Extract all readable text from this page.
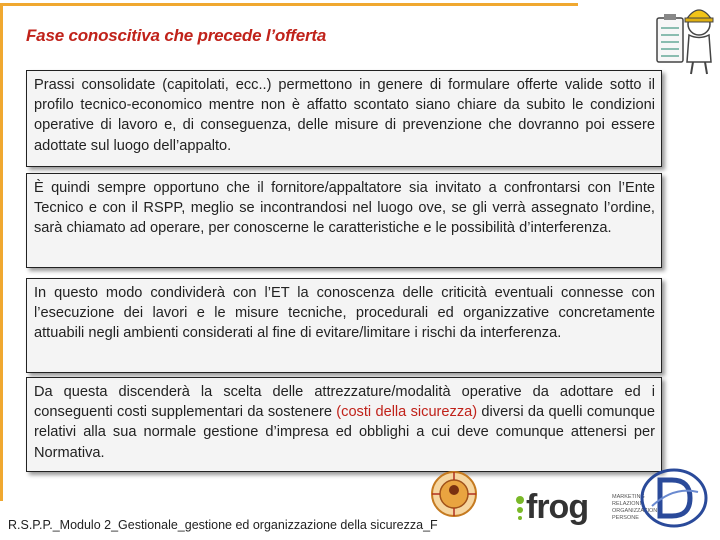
Fase conoscitiva che precede l’offerta
Prassi consolidate (capitolati, ecc..) permettono in genere di formulare offerte valide sotto il profilo tecnico-economico mentre non è affatto scontato siano chiare da subito le condizioni operative di lavoro e, di conseguenza, delle misure di prevenzione che dovranno poi essere adottate sul luogo dell’appalto.
È quindi sempre opportuno che il fornitore/appaltatore sia invitato a confrontarsi con l’Ente Tecnico e con il RSPP, meglio se incontrandosi nel luogo ove, se gli verrà assegnato l’ordine, sarà chiamato ad operare, per conoscerne le caratteristiche e le possibilità d’interferenza.
In questo modo condividerà con l’ET la conoscenza delle criticità eventuali connesse con l’esecuzione dei lavori e le misure tecniche, procedurali ed organizzative concretamente attuabili negli ambienti considerati al fine di evitare/limitare i rischi da interferenza.
Da questa discenderà la scelta delle attrezzature/modalità operative da adottare ed i conseguenti costi supplementari da sostenere (costi della sicurezza) diversi da quelli comunque relativi alla sua normale gestione d’impresa ed obblighi a cui deve comunque attenersi per Normativa.
frog	MARKETING RELAZIONI ORGANIZZAZIONE PERSONE
R.S.P.P._Modulo 2_Gestionale_gestione ed organizzazione della sicurezza_F
